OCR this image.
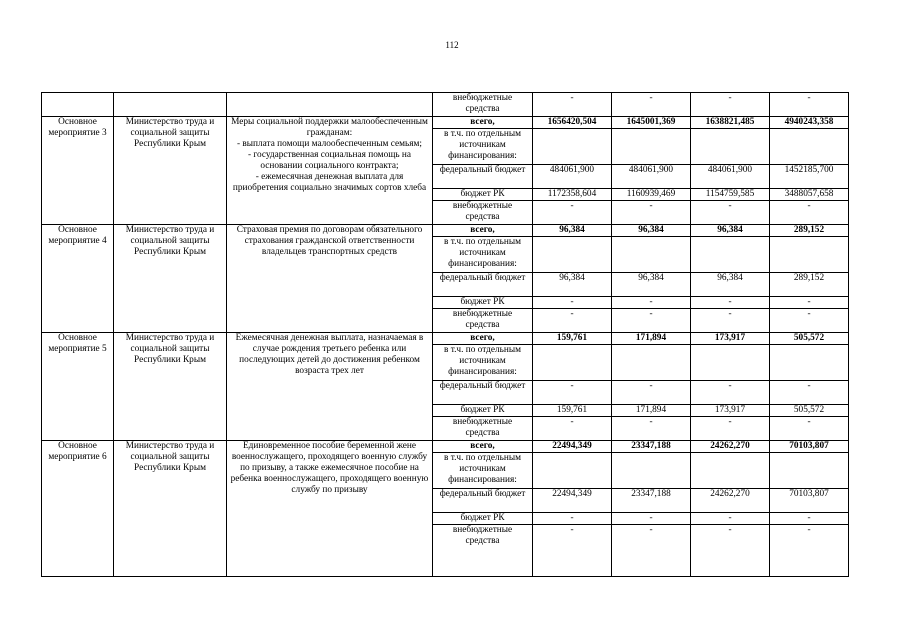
112
			внебюджетные средства	-	-	-	-
Основное мероприятие 3	Министерство труда и социальной защиты Республики Крым	Меры социальной поддержки малообеспеченным гражданам:
- выплата помощи малообеспеченным семьям;
- государственная социальная помощь на основании социального контракта;
- ежемесячная денежная выплата для приобретения социально значимых сортов хлеба	всего,	1656420,504	1645001,369	1638821,485	4940243,358
			в т.ч. по отдельным источникам финансирования:				
			федеральный бюджет	484061,900	484061,900	484061,900	1452185,700
			бюджет РК	1172358,604	1160939,469	1154759,585	3488057,658
			внебюджетные средства	-	-	-	-
Основное мероприятие 4	Министерство труда и социальной защиты Республики Крым	Страховая премия по договорам обязательного страхования гражданской ответственности владельцев транспортных средств	всего,	96,384	96,384	96,384	289,152
			в т.ч. по отдельным источникам финансирования:				
			федеральный бюджет	96,384	96,384	96,384	289,152
			бюджет РК	-	-	-	-
			внебюджетные средства	-	-	-	-
Основное мероприятие 5	Министерство труда и социальной защиты Республики Крым	Ежемесячная денежная выплата, назначаемая в случае рождения третьего ребенка или последующих детей до достижения ребенком возраста трех лет	всего,	159,761	171,894	173,917	505,572
			в т.ч. по отдельным источникам финансирования:				
			федеральный бюджет	-	-	-	-
			бюджет РК	159,761	171,894	173,917	505,572
			внебюджетные средства	-	-	-	-
Основное мероприятие 6	Министерство труда и социальной защиты Республики Крым	Единовременное пособие беременной жене военнослужащего, проходящего военную службу по призыву, а также ежемесячное пособие на ребенка военнослужащего, проходящего военную службу по призыву	всего,	22494,349	23347,188	24262,270	70103,807
			в т.ч. по отдельным источникам финансирования:				
			федеральный бюджет	22494,349	23347,188	24262,270	70103,807
			бюджет РК	-	-	-	-
			внебюджетные средства	-	-	-	-
